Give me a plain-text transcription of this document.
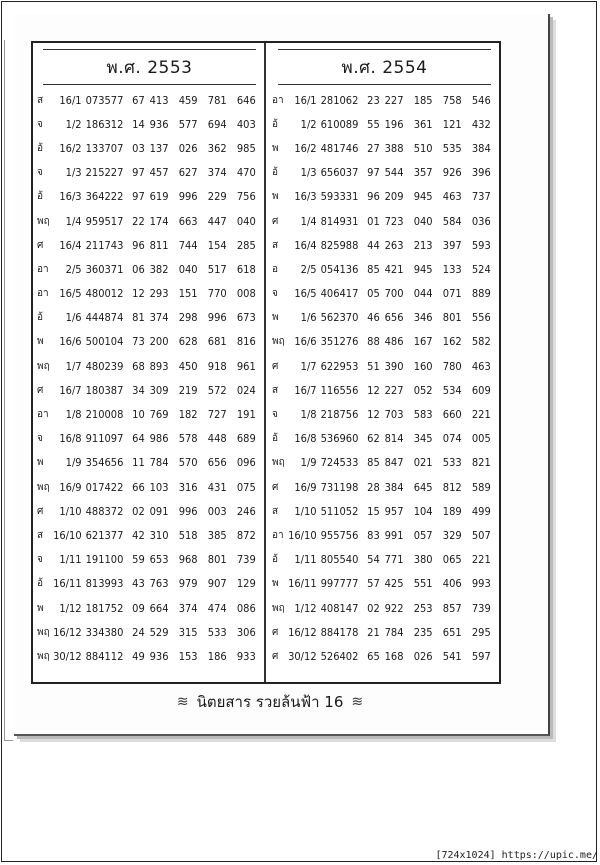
พ.ศ. 2553
ส	16/1 073577 67 413 459 781 646
จ	1/2 186312 14 936 577 694 403
อ้	16/2 133707 03 137 026 362 985
จ	1/3 215227 97 457 627 374 470
อ้	16/3 364222 97 619 996 229 756
พฤ	1/4 959517 22 174 663 447 040
ศ	16/4 211743 96 811 744 154 285
อา	2/5 360371 06 382 040 517 618
อา 16/5 480012 12 293 151 770 008
อ้	1/6 444874 81 374 298 996 673
พ	16/6 500104 73 200 628 681 816
พฤ	1/7 480239 68 893 450 918 961
ศ	16/7 180387 34 309 219 572 024
อา	1/8 210008 10 769 182 727 191
จ	16/8 911097 64 986 578 448 689
พ	1/9 354656 11 784 570 656 096
พฤ 16/9 017422 66 103 316 431 075
ศ	1/10 488372 02 091 996 003 246
ส 16/10 621377 42 310 518 385 872
จ	1/11 191100 59 653 968 801 739
อ้ 16/11 813993 43 763 979 907 129
พ	1/12 181752 09 664 374 474 086
พฤ 16/12 334380 24 529 315 533 306
พฤ 30/12 884112 49 936 153 186 933
พ.ศ. 2554
อา 16/1 281062 23 227 185 758 546
อ้	1/2 610089 55 196 361 121 432
พ	16/2 481746 27 388 510 535 384
อ้	1/3 656037 97 544 357 926 396
พ	16/3 593331 96 209 945 463 737
ศ	1/4 814931 01 723 040 584 036
ส	16/4 825988 44 263 213 397 593
อ	2/5 054136 85 421 945 133 524
จ	16/5 406417 05 700 044 071 889
พ	1/6 562370 46 656 346 801 556
พฤ 16/6 351276 88 486 167 162 582
ศ	1/7 622953 51 390 160 780 463
ส	16/7 116556 12 227 052 534 609
จ	1/8 218756 12 703 583 660 221
อ้	16/8 536960 62 814 345 074 005
พฤ	1/9 724533 85 847 021 533 821
ศ	16/9 731198 28 384 645 812 589
ส	1/10 511052 15 957 104 189 499
อา 16/10 955756 83 991 057 329 507
อ้	1/11 805540 54 771 380 065 221
พ 16/11 997777 57 425 551 406 993
พฤ 1/12 408147 02 922 253 857 739
ศ 16/12 884178 21 784 235 651 295
ศ 30/12 526402 65 168 026 541 597
≋ นิตยสาร รวยล้นฟ้า 16 ≋
[724x1024] https://upic.me/
